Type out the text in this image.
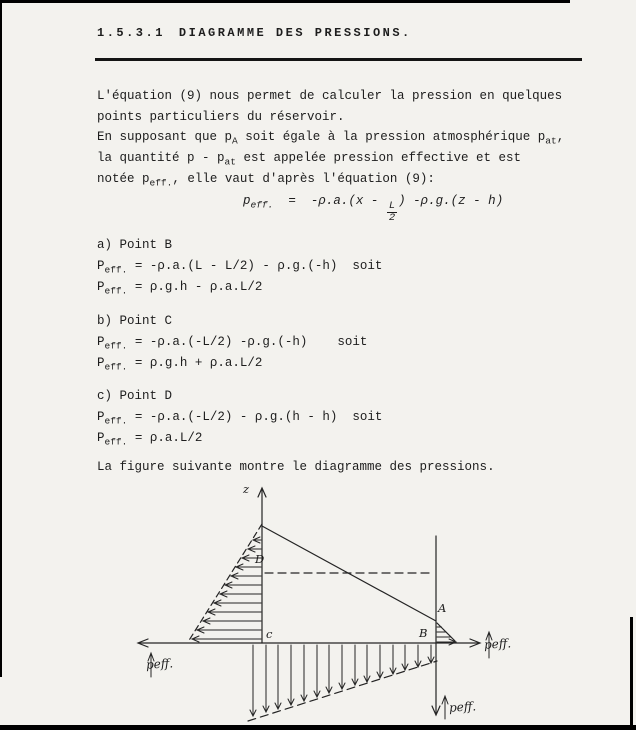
1.5.3.1 DIAGRAMME DES PRESSIONS.
L'équation (9) nous permet de calculer la pression en quelques
points particuliers du réservoir.
En supposant que $p_A$ soit égale à la pression atmosphérique $p_{at}$,
la quantité p - $p_{at}$ est appelée pression effective et est
notée $p_{eff.}$, elle vaut d'après l'équation (9):
$p_{eff.} = -\rho.a.(x - \frac{L}{2}$ ) -ρ.g.(z - h)
a) Point B
$P_{eff.} = -\rho.a.(L - L/2) - \rho.g.(-h)$  soit
$P_{eff.} = \rho.g.h - \rho.a.L/2$
b) Point C
$P_{eff.} = -\rho.a.(-L/2)$ -ρ.g.(-h)    soit
$P_{eff.} = \rho.g.h + \rho.a.L/2$
c) Point D
$P_{eff.} = -\rho.a.(-L/2) - \rho.g.(h - h)$  soit
$P_{eff.} = \rho.a.L/2$
La figure suivante montre le diagramme des pressions.
z
D
c	B
A
peff.
peff.
peff.
